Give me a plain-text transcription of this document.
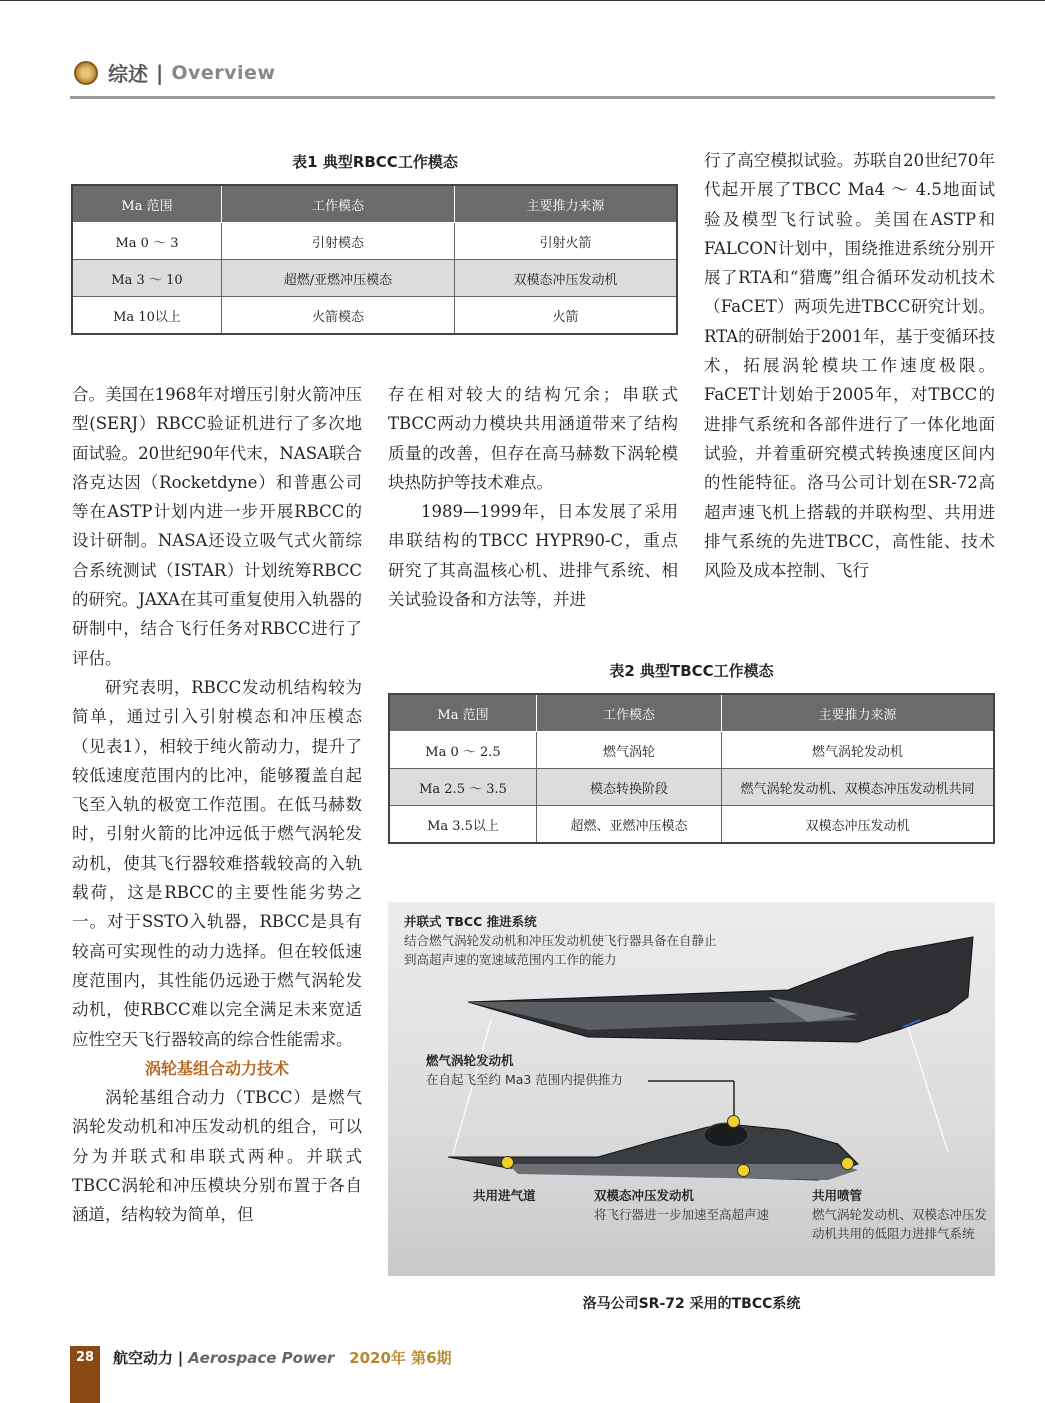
综述 | Overview
表1 典型RBCC工作模态
Ma 范围	工作模态	主要推力来源
Ma 0 ～ 3	引射模态	引射火箭
Ma 3 ～ 10	超燃/亚燃冲压模态	双模态冲压发动机
Ma 10以上	火箭模态	火箭

合。美国在1968年对增压引射火箭冲压型(SERJ）RBCC验证机进行了多次地面试验。20世纪90年代末，NASA联合洛克达因（Rocketdyne）和普惠公司等在ASTP计划内进一步开展RBCC的设计研制。NASA还设立吸气式火箭综合系统测试（ISTAR）计划统筹RBCC的研究。JAXA在其可重复使用入轨器的研制中，结合飞行任务对RBCC进行了评估。

研究表明，RBCC发动机结构较为简单，通过引入引射模态和冲压模态（见表1），相较于纯火箭动力，提升了较低速度范围内的比冲，能够覆盖自起飞至入轨的极宽工作范围。在低马赫数时，引射火箭的比冲远低于燃气涡轮发动机，使其飞行器较难搭载较高的入轨载荷，这是RBCC的主要性能劣势之一。对于SSTO入轨器，RBCC是具有较高可实现性的动力选择。但在较低速度范围内，其性能仍远逊于燃气涡轮发动机，使RBCC难以完全满足未来宽适应性空天飞行器较高的综合性能需求。

涡轮基组合动力技术

涡轮基组合动力（TBCC）是燃气涡轮发动机和冲压发动机的组合，可以分为并联式和串联式两种。并联式TBCC涡轮和冲压模块分别布置于各自涵道，结构较为简单，但

存在相对较大的结构冗余；串联式TBCC两动力模块共用涵道带来了结构质量的改善，但存在高马赫数下涡轮模块热防护等技术难点。

1989—1999年，日本发展了采用串联结构的TBCC HYPR90-C，重点研究了其高温核心机、进排气系统、相关试验设备和方法等，并进

行了高空模拟试验。苏联自20世纪70年代起开展了TBCC Ma4 ～ 4.5地面试验及模型飞行试验。美国在ASTP和FALCON计划中，围绕推进系统分别开展了RTA和“猎鹰”组合循环发动机技术（FaCET）两项先进TBCC研究计划。RTA的研制始于2001年，基于变循环技术，拓展涡轮模块工作速度极限。FaCET计划始于2005年，对TBCC的进排气系统和各部件进行了一体化地面试验，并着重研究模式转换速度区间内的性能特征。洛马公司计划在SR-72高超声速飞机上搭载的并联构型、共用进排气系统的先进TBCC，高性能、技术风险及成本控制、飞行

表2 典型TBCC工作模态
Ma 范围	工作模态	主要推力来源
Ma 0 ～ 2.5	燃气涡轮	燃气涡轮发动机
Ma 2.5 ～ 3.5	模态转换阶段	燃气涡轮发动机、双模态冲压发动机共同
Ma 3.5以上	超燃、亚燃冲压模态	双模态冲压发动机
并联式 TBCC 推进系统
结合燃气涡轮发动机和冲压发动机使飞行器具备在自静止到高超声速的宽速域范围内工作的能力
燃气涡轮发动机
在自起飞至约 Ma3 范围内提供推力
共用进气道	双模态冲压发动机
将飞行器进一步加速至高超声速
共用喷管
燃气涡轮发动机、双模态冲压发动机共用的低阻力进排气系统
洛马公司SR-72 采用的TBCC系统
28	航空动力 | Aerospace Power 2020年 第6期
